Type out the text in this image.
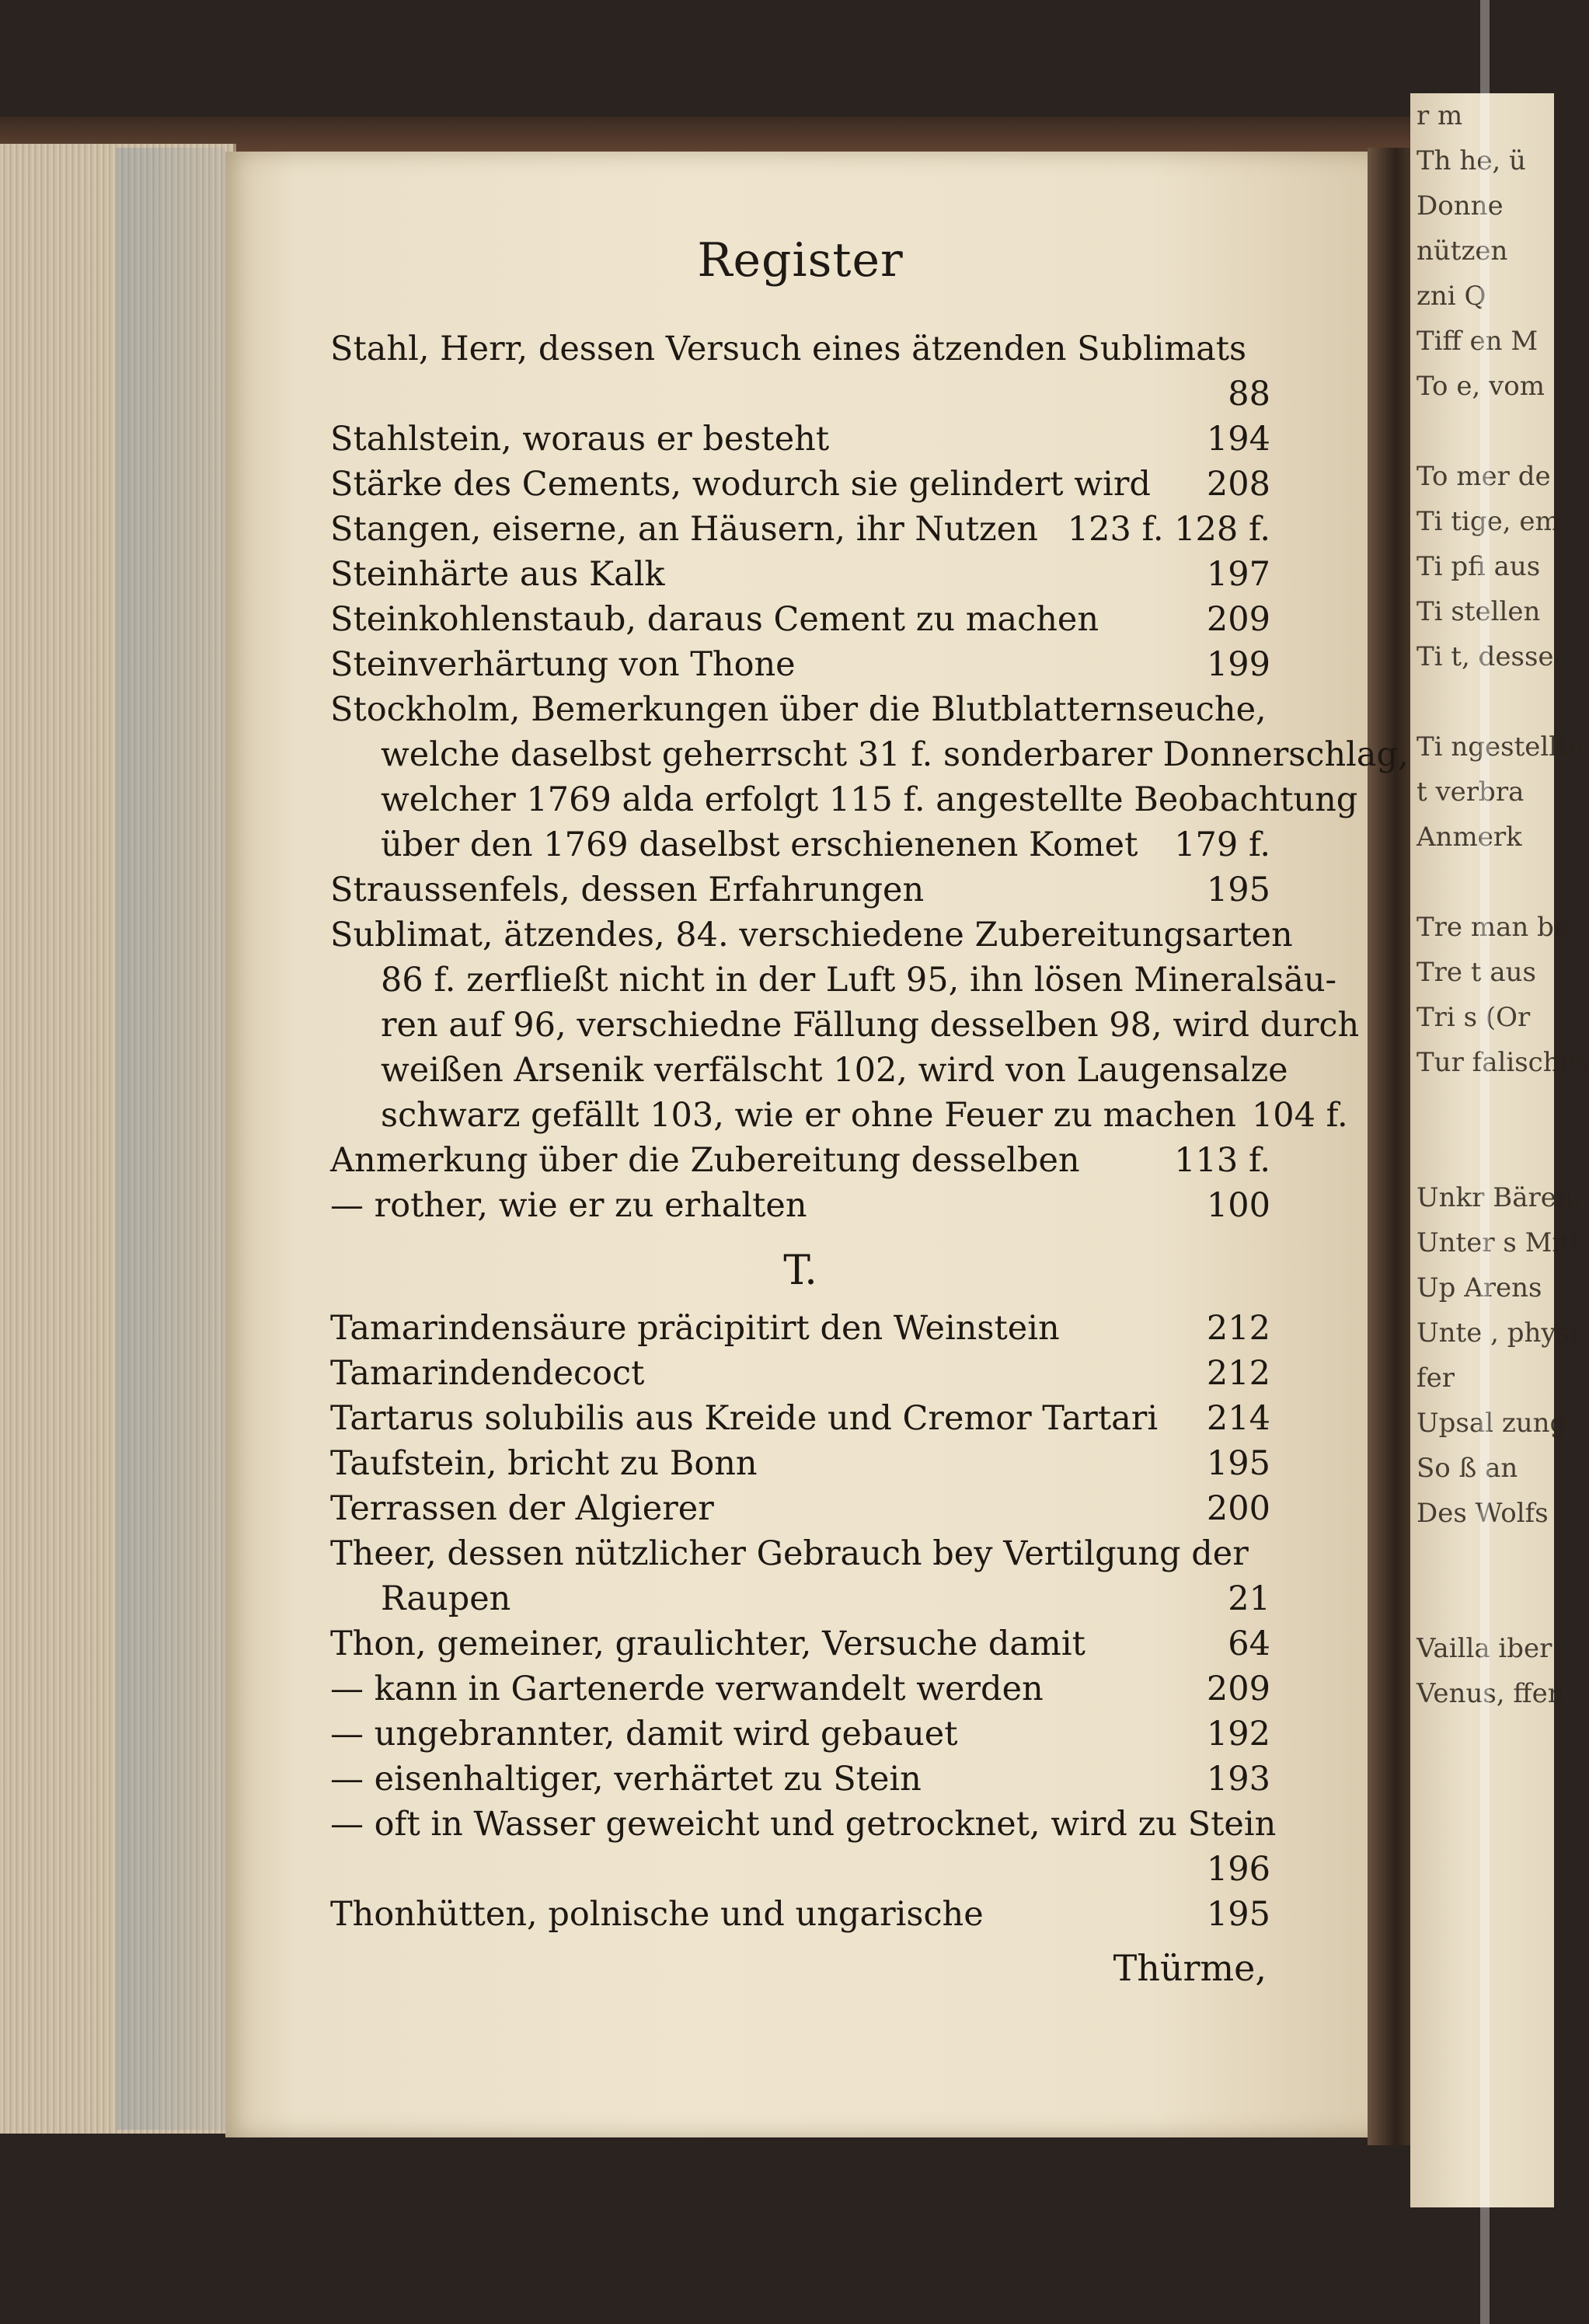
r m
Th he, ü
Donne
nützen
zni Q
Tiff en M
To e, vom
To mer de
Ti tige, em
Ti pfi aus
Ti stellen
Ti t, desse
Ti ngestellte
t verbra
Anmerk
Tre man be
Tre t aus
Tri s (Or
Tur falisches
Unkr Bären,
Unter s Mitt
Up Arens
Unte , physi
fer
Upsal zung
So ß an
Des Wolfs
Vailla iber
Venus, ffen
Register
Stahl, Herr, dessen Versuch eines ätzenden Sublimats
88
Stahlstein, woraus er besteht	194
Stärke des Cements, wodurch sie gelindert wird	208
Stangen, eiserne, an Häusern, ihr Nutzen 123 f. 128 f.
Steinhärte aus Kalk	197
Steinkohlenstaub, daraus Cement zu machen	209
Steinverhärtung von Thone	199
Stockholm, Bemerkungen über die Blutblatternseuche,
welche daselbst geherrscht 31 f. sonderbarer Donnerschlag,
welcher 1769 alda erfolgt 115 f. angestellte Beobachtung
über den 1769 daselbst erschienenen Komet	179 f.
Straussenfels, dessen Erfahrungen	195
Sublimat, ätzendes, 84. verschiedene Zubereitungsarten
86 f. zerfließt nicht in der Luft 95, ihn lösen Mineralsäu-
ren auf 96, verschiedne Fällung desselben 98, wird durch
weißen Arsenik verfälscht 102, wird von Laugensalze
schwarz gefällt 103, wie er ohne Feuer zu machen 104 f.
Anmerkung über die Zubereitung desselben	113 f.
— rother, wie er zu erhalten	100
T.
Tamarindensäure präcipitirt den Weinstein	212
Tamarindendecoct	212
Tartarus solubilis aus Kreide und Cremor Tartari	214
Taufstein, bricht zu Bonn	195
Terrassen der Algierer	200
Theer, dessen nützlicher Gebrauch bey Vertilgung der
Raupen	21
Thon, gemeiner, graulichter, Versuche damit	64
— kann in Gartenerde verwandelt werden	209
— ungebrannter, damit wird gebauet	192
— eisenhaltiger, verhärtet zu Stein	193
— oft in Wasser geweicht und getrocknet, wird zu Stein
196
Thonhütten, polnische und ungarische	195
Thürme,
